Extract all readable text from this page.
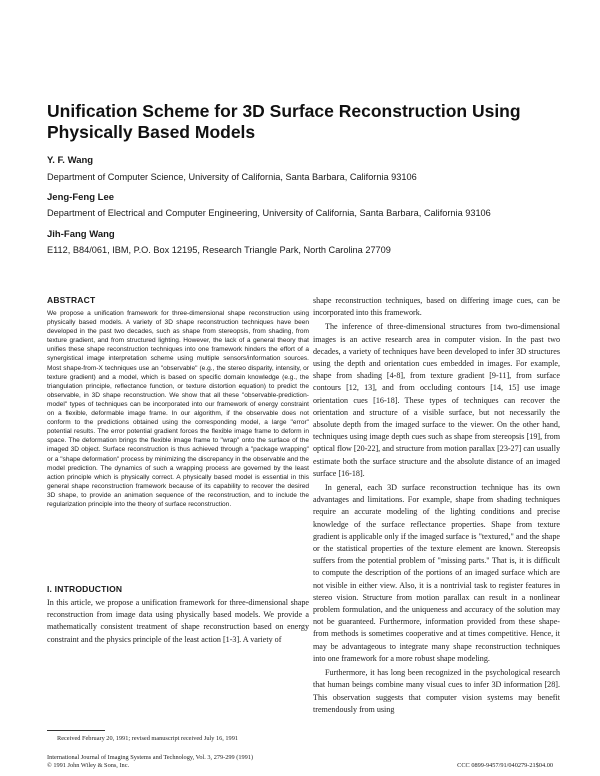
Unification Scheme for 3D Surface Reconstruction Using Physically Based Models
Y. F. Wang
Department of Computer Science, University of California, Santa Barbara, California 93106
Jeng-Feng Lee
Department of Electrical and Computer Engineering, University of California, Santa Barbara, California 93106
Jih-Fang Wang
E112, B84/061, IBM, P.O. Box 12195, Research Triangle Park, North Carolina 27709
ABSTRACT
We propose a unification framework for three-dimensional shape reconstruction using physically based models. A variety of 3D shape reconstruction techniques have been developed in the past two decades, such as shape from stereopsis, from shading, from texture gradient, and from structured lighting. However, the lack of a general theory that unifies these shape reconstruction techniques into one framework hinders the effort of a synergistical image interpretation scheme using multiple sensors/information sources. Most shape-from-X techniques use an "observable" (e.g., the stereo disparity, intensity, or texture gradient) and a model, which is based on specific domain knowledge (e.g., the triangulation principle, reflectance function, or texture distortion equation) to predict the observable, in 3D shape reconstruction. We show that all these "observable-prediction-model" types of techniques can be incorporated into our framework of energy constraint on a flexible, deformable image frame. In our algorithm, if the observable does not conform to the predictions obtained using the corresponding model, a large "error" potential results. The error potential gradient forces the flexible image frame to deform in space. The deformation brings the flexible image frame to "wrap" onto the surface of the imaged 3D object. Surface reconstruction is thus achieved through a "package wrapping" or a "shape deformation" process by minimizing the discrepancy in the observable and the model prediction. The dynamics of such a wrapping process are governed by the least action principle which is physically correct. A physically based model is essential in this general shape reconstruction framework because of its capability to recover the desired 3D shape, to provide an animation sequence of the reconstruction, and to include the regularization principle into the theory of surface reconstruction.
I. INTRODUCTION
In this article, we propose a unification framework for three-dimensional shape reconstruction from image data using physically based models. We provide a mathematically consistent treatment of shape reconstruction based on energy constraint and the physics principle of the least action [1-3]. A variety of

shape reconstruction techniques, based on differing image cues, can be incorporated into this framework.

The inference of three-dimensional structures from two-dimensional images is an active research area in computer vision. In the past two decades, a variety of techniques have been developed to infer 3D structures using the depth and orientation cues embedded in images. For example, shape from shading [4-8], from texture gradient [9-11], from surface contours [12, 13], and from occluding contours [14, 15] use image orientation cues [16-18]. These types of techniques can recover the orientation and structure of a visible surface, but not necessarily the absolute depth from the imaged surface to the viewer. On the other hand, techniques using image depth cues such as shape from stereopsis [19], from optical flow [20-22], and structure from motion parallax [23-27] can usually estimate both the surface structure and the absolute distance of an imaged surface [16-18].

In general, each 3D surface reconstruction technique has its own advantages and limitations. For example, shape from shading techniques require an accurate modeling of the lighting conditions and precise knowledge of the surface reflectance properties. Shape from texture gradient is applicable only if the imaged surface is "textured," and the shape or the statistical properties of the texture element are known. Stereopsis suffers from the potential problem of "missing parts." That is, it is difficult to compute the description of the portions of an imaged surface which are not visible in either view. Also, it is a nontrivial task to register features in stereo vision. Structure from motion parallax can result in a nonlinear problem formulation, and the uniqueness and accuracy of the solution may not be guaranteed. Furthermore, information provided from these shape-from methods is sometimes cooperative and at times competitive. Hence, it may be advantageous to integrate many shape reconstruction techniques into one framework for a more robust shape modeling.

Furthermore, it has long been recognized in the psychological research that human beings combine many visual cues to infer 3D information [28]. This observation suggests that computer vision systems may benefit tremendously from using

Received February 20, 1991; revised manuscript received July 16, 1991
International Journal of Imaging Systems and Technology, Vol. 3, 279-299 (1991)
© 1991 John Wiley & Sons, Inc.	CCC 0899-9457/91/040279-21$04.00
